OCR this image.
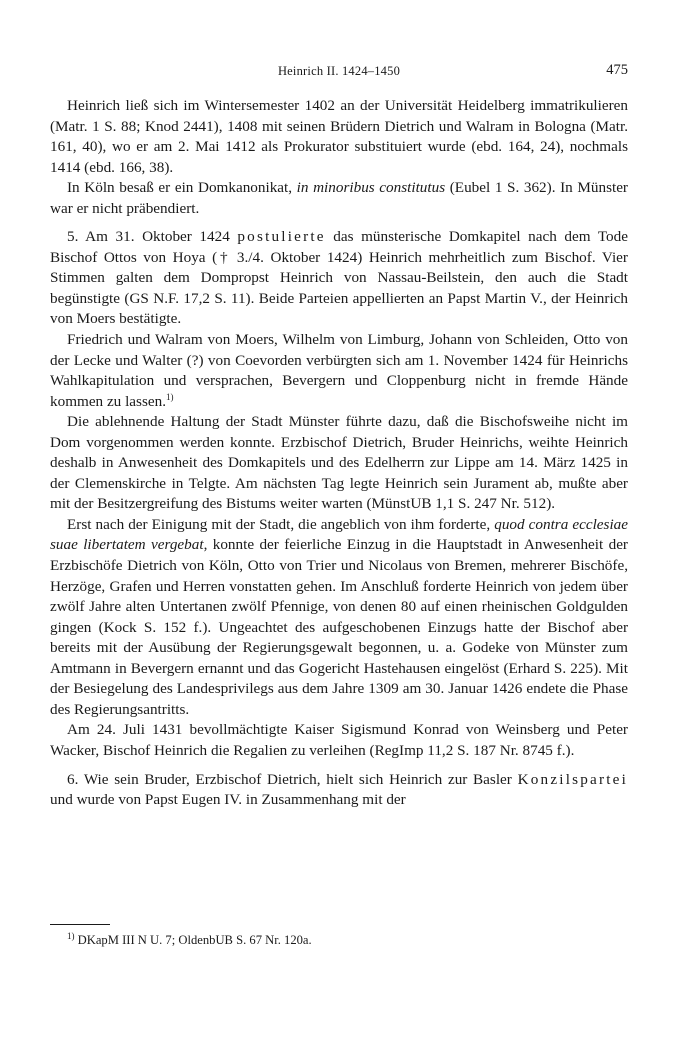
Heinrich II. 1424–1450	475

Heinrich ließ sich im Wintersemester 1402 an der Universität Heidelberg immatrikulieren (Matr. 1 S. 88; Knod 2441), 1408 mit seinen Brüdern Dietrich und Walram in Bologna (Matr. 161, 40), wo er am 2. Mai 1412 als Prokurator substituiert wurde (ebd. 164, 24), nochmals 1414 (ebd. 166, 38).

In Köln besaß er ein Domkanonikat, in minoribus constitutus (Eubel 1 S. 362). In Münster war er nicht präbendiert.

5. Am 31. Oktober 1424 postulierte das münsterische Domkapitel nach dem Tode Bischof Ottos von Hoya († 3./4. Oktober 1424) Heinrich mehrheitlich zum Bischof. Vier Stimmen galten dem Dompropst Heinrich von Nassau-Beilstein, den auch die Stadt begünstigte (GS N.F. 17,2 S. 11). Beide Parteien appellierten an Papst Martin V., der Heinrich von Moers bestätigte.

Friedrich und Walram von Moers, Wilhelm von Limburg, Johann von Schleiden, Otto von der Lecke und Walter (?) von Coevorden verbürgten sich am 1. November 1424 für Heinrichs Wahlkapitulation und versprachen, Bevergern und Cloppenburg nicht in fremde Hände kommen zu lassen.$^{1)}$

Die ablehnende Haltung der Stadt Münster führte dazu, daß die Bischofsweihe nicht im Dom vorgenommen werden konnte. Erzbischof Dietrich, Bruder Heinrichs, weihte Heinrich deshalb in Anwesenheit des Domkapitels und des Edelherrn zur Lippe am 14. März 1425 in der Clemenskirche in Telgte. Am nächsten Tag legte Heinrich sein Jurament ab, mußte aber mit der Besitzergreifung des Bistums weiter warten (MünstUB 1,1 S. 247 Nr. 512).

Erst nach der Einigung mit der Stadt, die angeblich von ihm forderte, quod contra ecclesiae suae libertatem vergebat, konnte der feierliche Einzug in die Hauptstadt in Anwesenheit der Erzbischöfe Dietrich von Köln, Otto von Trier und Nicolaus von Bremen, mehrerer Bischöfe, Herzöge, Grafen und Herren vonstatten gehen. Im Anschluß forderte Heinrich von jedem über zwölf Jahre alten Untertanen zwölf Pfennige, von denen 80 auf einen rheinischen Goldgulden gingen (Kock S. 152 f.). Ungeachtet des aufgeschobenen Einzugs hatte der Bischof aber bereits mit der Ausübung der Regierungsgewalt begonnen, u. a. Godeke von Münster zum Amtmann in Bevergern ernannt und das Gogericht Hastehausen eingelöst (Erhard S. 225). Mit der Besiegelung des Landesprivilegs aus dem Jahre 1309 am 30. Januar 1426 endete die Phase des Regierungsantritts.

Am 24. Juli 1431 bevollmächtigte Kaiser Sigismund Konrad von Weinsberg und Peter Wacker, Bischof Heinrich die Regalien zu verleihen (RegImp 11,2 S. 187 Nr. 8745 f.).

6. Wie sein Bruder, Erzbischof Dietrich, hielt sich Heinrich zur Basler Konzilspartei und wurde von Papst Eugen IV. in Zusammenhang mit der

$^{1)}$ DKapM III N U. 7; OldenbUB S. 67 Nr. 120a.
